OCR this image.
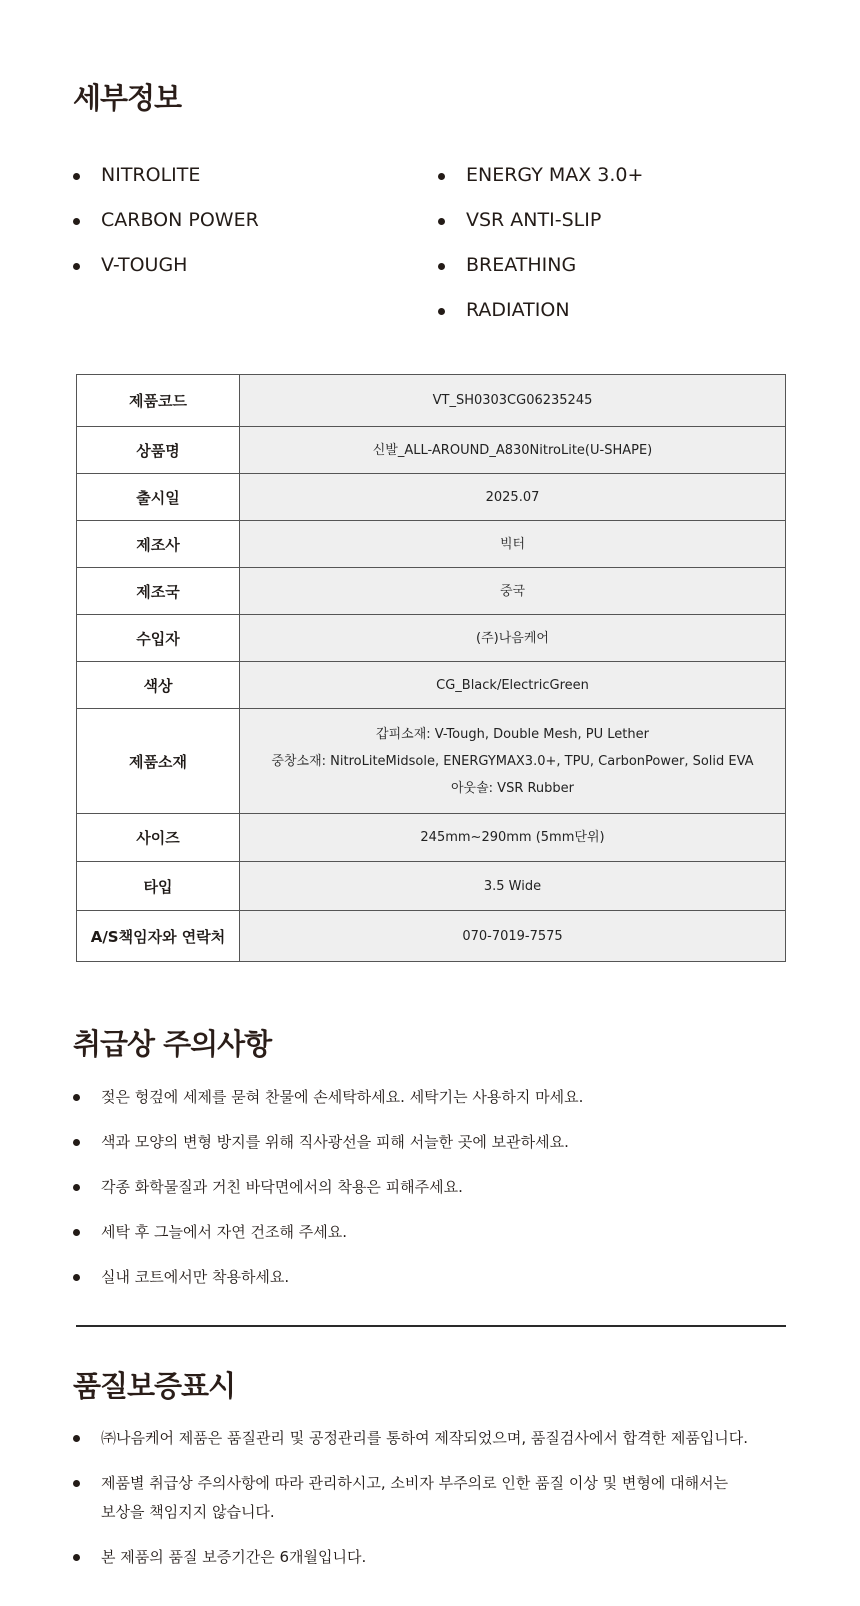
세부정보
NITROLITE
CARBON POWER
V-TOUGH
ENERGY MAX 3.0+
VSR ANTI-SLIP
BREATHING
RADIATION
제품코드	VT_SH0303CG06235245

상품명	신발_ALL-AROUND_A830NitroLite(U-SHAPE)

출시일	2025.07

제조사	빅터

제조국	중국

수입자	(주)나음케어

색상	CG_Black/ElectricGreen

제품소재	갑피소재: V-Tough, Double Mesh, PU Lether
중창소재: NitroLiteMidsole, ENERGYMAX3.0+, TPU, CarbonPower, Solid EVA
아웃솔: VSR Rubber

사이즈	245mm~290mm (5mm단위)

타입	3.5 Wide

A/S책임자와 연락처	070-7019-7575
취급상 주의사항
젖은 헝겊에 세제를 묻혀 찬물에 손세탁하세요. 세탁기는 사용하지 마세요.
색과 모양의 변형 방지를 위해 직사광선을 피해 서늘한 곳에 보관하세요.
각종 화학물질과 거친 바닥면에서의 착용은 피해주세요.
세탁 후 그늘에서 자연 건조해 주세요.
실내 코트에서만 착용하세요.
품질보증표시
㈜나음케어 제품은 품질관리 및 공정관리를 통하여 제작되었으며, 품질검사에서 합격한 제품입니다.
제품별 취급상 주의사항에 따라 관리하시고, 소비자 부주의로 인한 품질 이상 및 변형에 대해서는
보상을 책임지지 않습니다.
본 제품의 품질 보증기간은 6개월입니다.
